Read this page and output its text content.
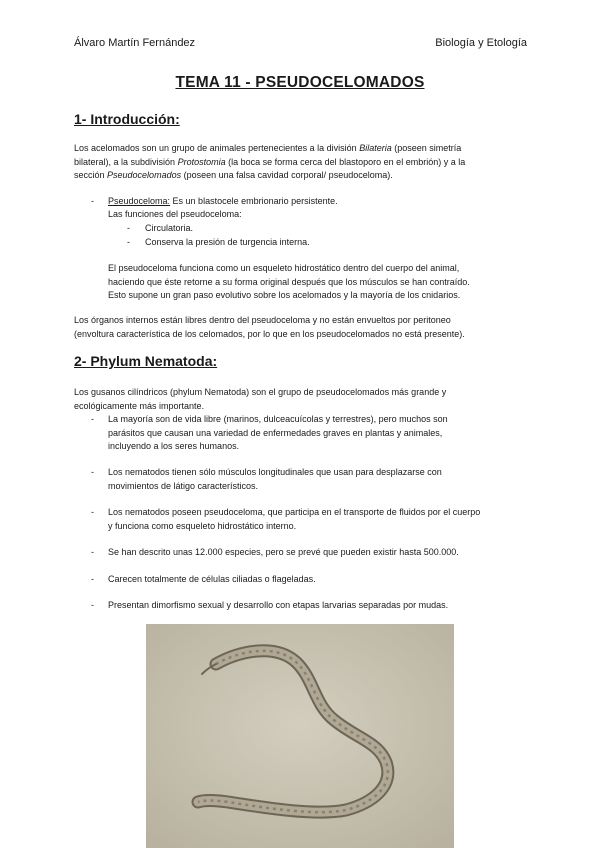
Álvaro Martín Fernández	Biología y Etología
TEMA 11 - PSEUDOCELOMADOS
1- Introducción:
Los acelomados son un grupo de animales pertenecientes a la división Bilateria (poseen simetría
bilateral), a la subdivisión Protostomia (la boca se forma cerca del blastoporo en el embrión) y a la
sección Pseudocelomados (poseen una falsa cavidad corporal/ pseudoceloma).
- Pseudoceloma: Es un blastocele embrionario persistente.
Las funciones del pseudoceloma:
- Circulatoria.
- Conserva la presión de turgencia interna.
El pseudoceloma funciona como un esqueleto hidrostático dentro del cuerpo del animal,
haciendo que éste retorne a su forma original después que los músculos se han contraído.
Esto supone un gran paso evolutivo sobre los acelomados y la mayoría de los cnidarios.
Los órganos internos están libres dentro del pseudoceloma y no están envueltos por peritoneo
(envoltura característica de los celomados, por lo que en los pseudocelomados no está presente).
2- Phylum Nematoda:
Los gusanos cilíndricos (phylum Nematoda) son el grupo de pseudocelomados más grande y
ecológicamente más importante.
- La mayoría son de vida libre (marinos, dulceacuícolas y terrestres), pero muchos son
parásitos que causan una variedad de enfermedades graves en plantas y animales,
incluyendo a los seres humanos.
- Los nematodos tienen sólo músculos longitudinales que usan para desplazarse con
movimientos de látigo característicos.
- Los nematodos poseen pseudoceloma, que participa en el transporte de fluidos por el cuerpo
y funciona como esqueleto hidrostático interno.
- Se han descrito unas 12.000 especies, pero se prevé que pueden existir hasta 500.000.
- Carecen totalmente de células ciliadas o flageladas.
- Presentan dimorfismo sexual y desarrollo con etapas larvarias separadas por mudas.
